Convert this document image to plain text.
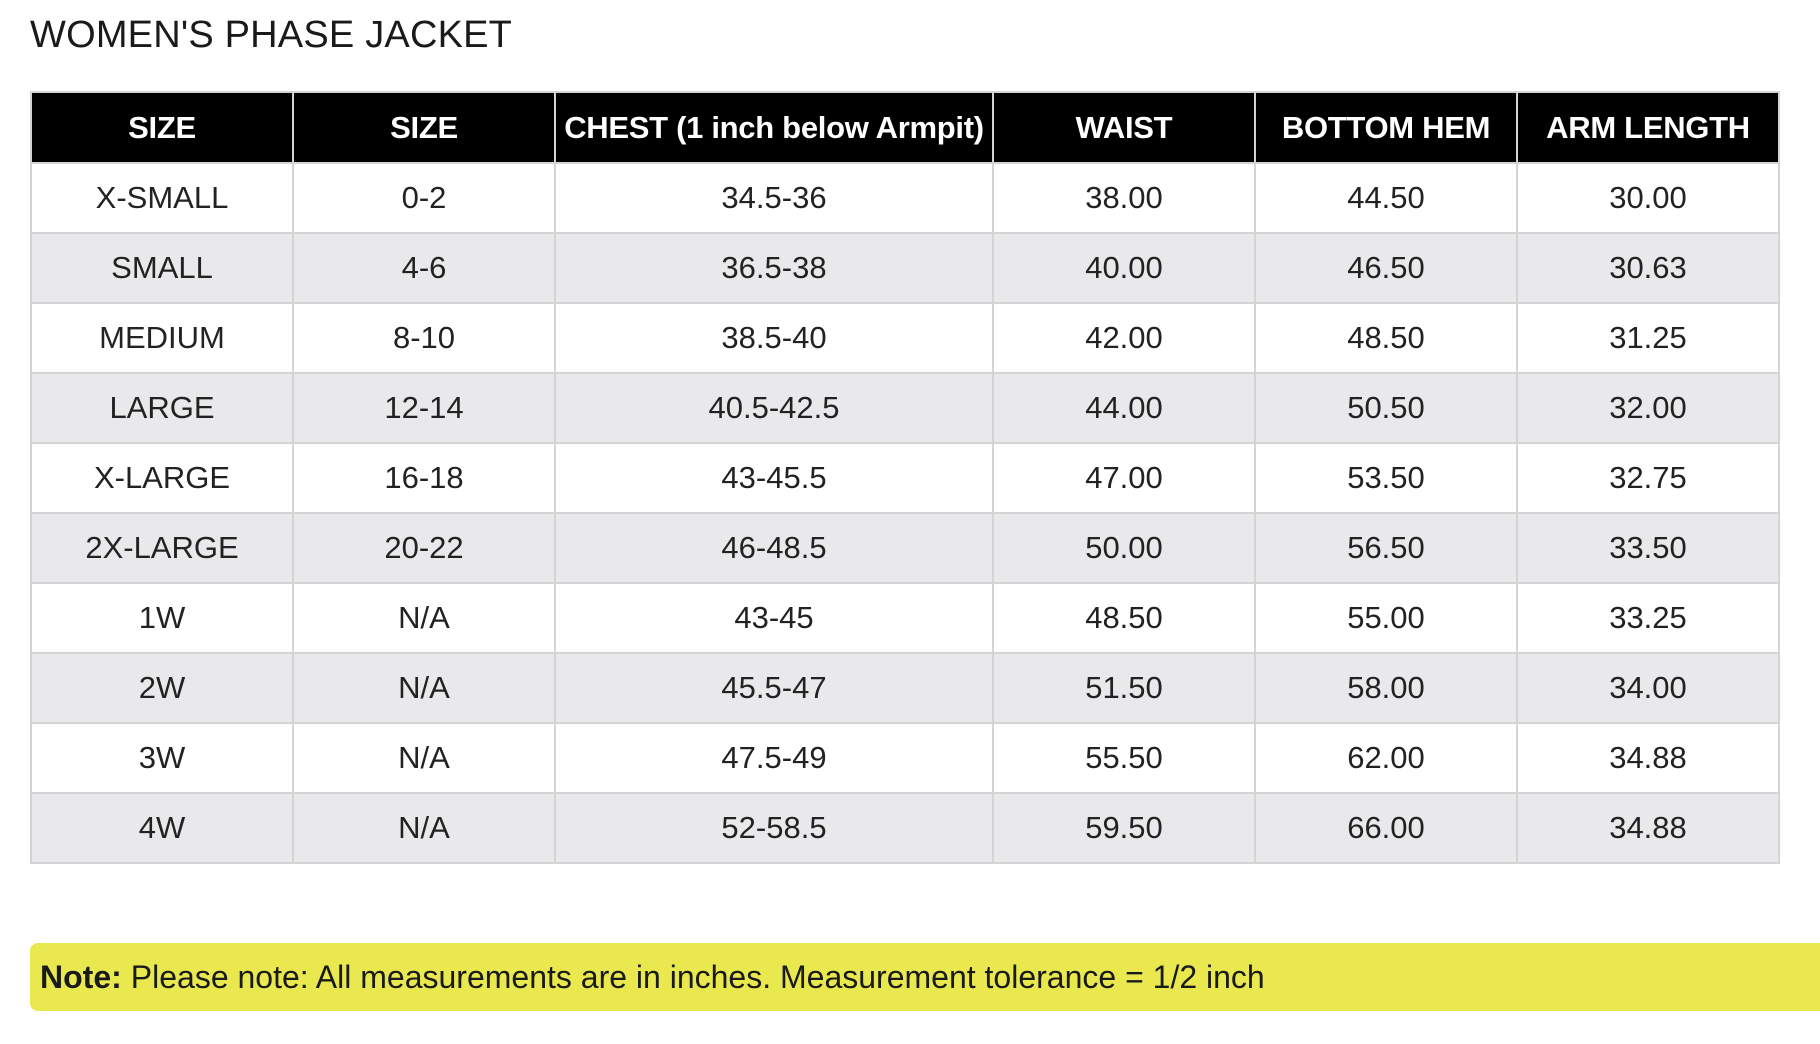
WOMEN'S PHASE JACKET
SIZE	SIZE	CHEST (1 inch below Armpit)	WAIST	BOTTOM HEM	ARM LENGTH
X-SMALL	0-2	34.5-36	38.00	44.50	30.00
SMALL	4-6	36.5-38	40.00	46.50	30.63
MEDIUM	8-10	38.5-40	42.00	48.50	31.25
LARGE	12-14	40.5-42.5	44.00	50.50	32.00
X-LARGE	16-18	43-45.5	47.00	53.50	32.75
2X-LARGE	20-22	46-48.5	50.00	56.50	33.50
1W	N/A	43-45	48.50	55.00	33.25
2W	N/A	45.5-47	51.50	58.00	34.00
3W	N/A	47.5-49	55.50	62.00	34.88
4W	N/A	52-58.5	59.50	66.00	34.88
Note: Please note: All measurements are in inches. Measurement tolerance = 1/2 inch
